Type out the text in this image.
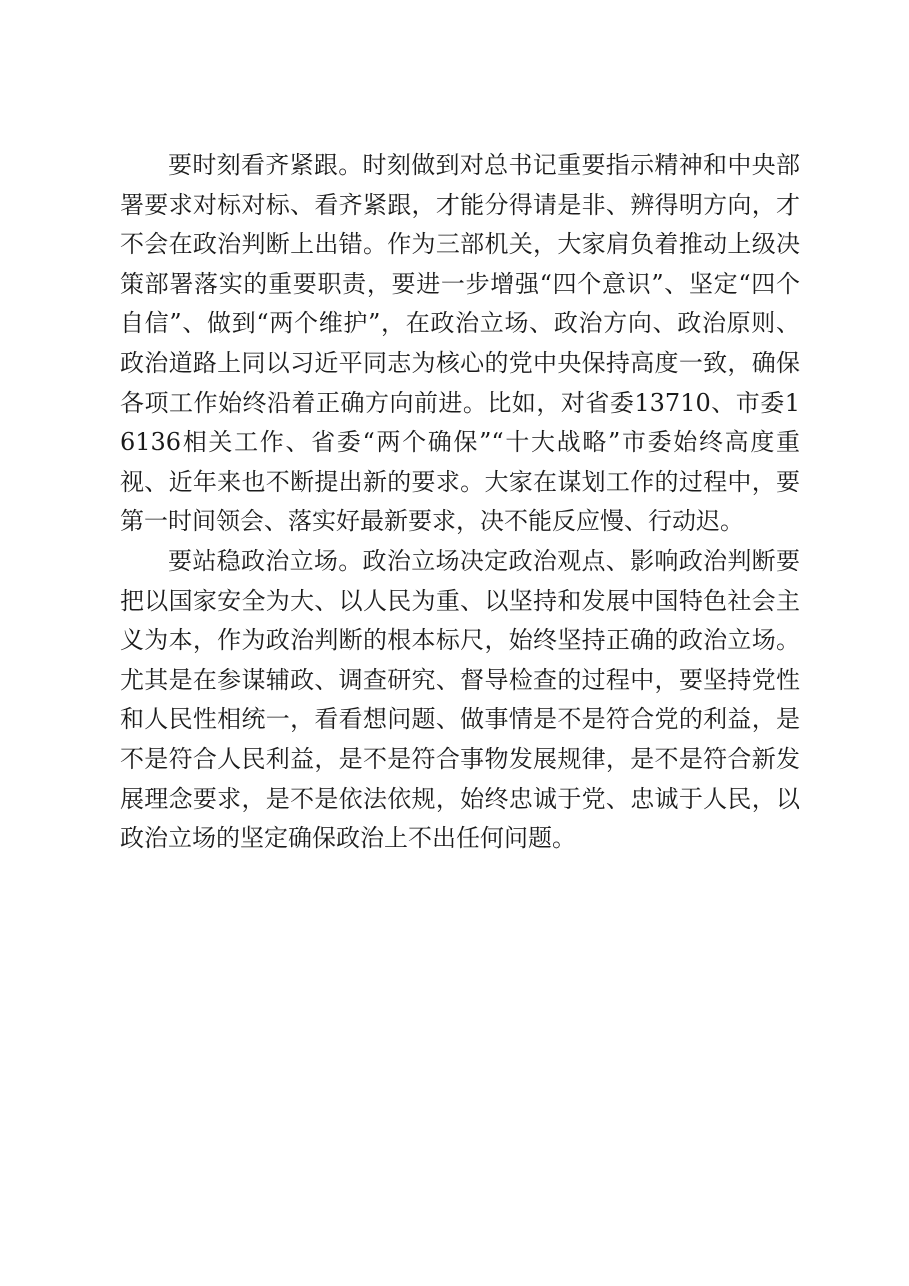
要时刻看齐紧跟。时刻做到对总书记重要指示精神和中央部署要求对标对标、看齐紧跟，才能分得请是非、辨得明方向，才不会在政治判断上出错。作为三部机关，大家肩负着推动上级决策部署落实的重要职责，要进一步增强“四个意识”、坚定“四个自信”、做到“两个维护”，在政治立场、政治方向、政治原则、政治道路上同以习近平同志为核心的党中央保持高度一致，确保各项工作始终沿着正确方向前进。比如，对省委13710、市委16136相关工作、省委“两个确保”“十大战略”市委始终高度重视、近年来也不断提出新的要求。大家在谋划工作的过程中，要第一时间领会、落实好最新要求，决不能反应慢、行动迟。

要站稳政治立场。政治立场决定政治观点、影响政治判断要把以国家安全为大、以人民为重、以坚持和发展中国特色社会主义为本，作为政治判断的根本标尺，始终坚持正确的政治立场。尤其是在参谋辅政、调查研究、督导检查的过程中，要坚持党性和人民性相统一，看看想问题、做事情是不是符合党的利益，是不是符合人民利益，是不是符合事物发展规律，是不是符合新发展理念要求，是不是依法依规，始终忠诚于党、忠诚于人民，以政治立场的坚定确保政治上不出任何问题。
